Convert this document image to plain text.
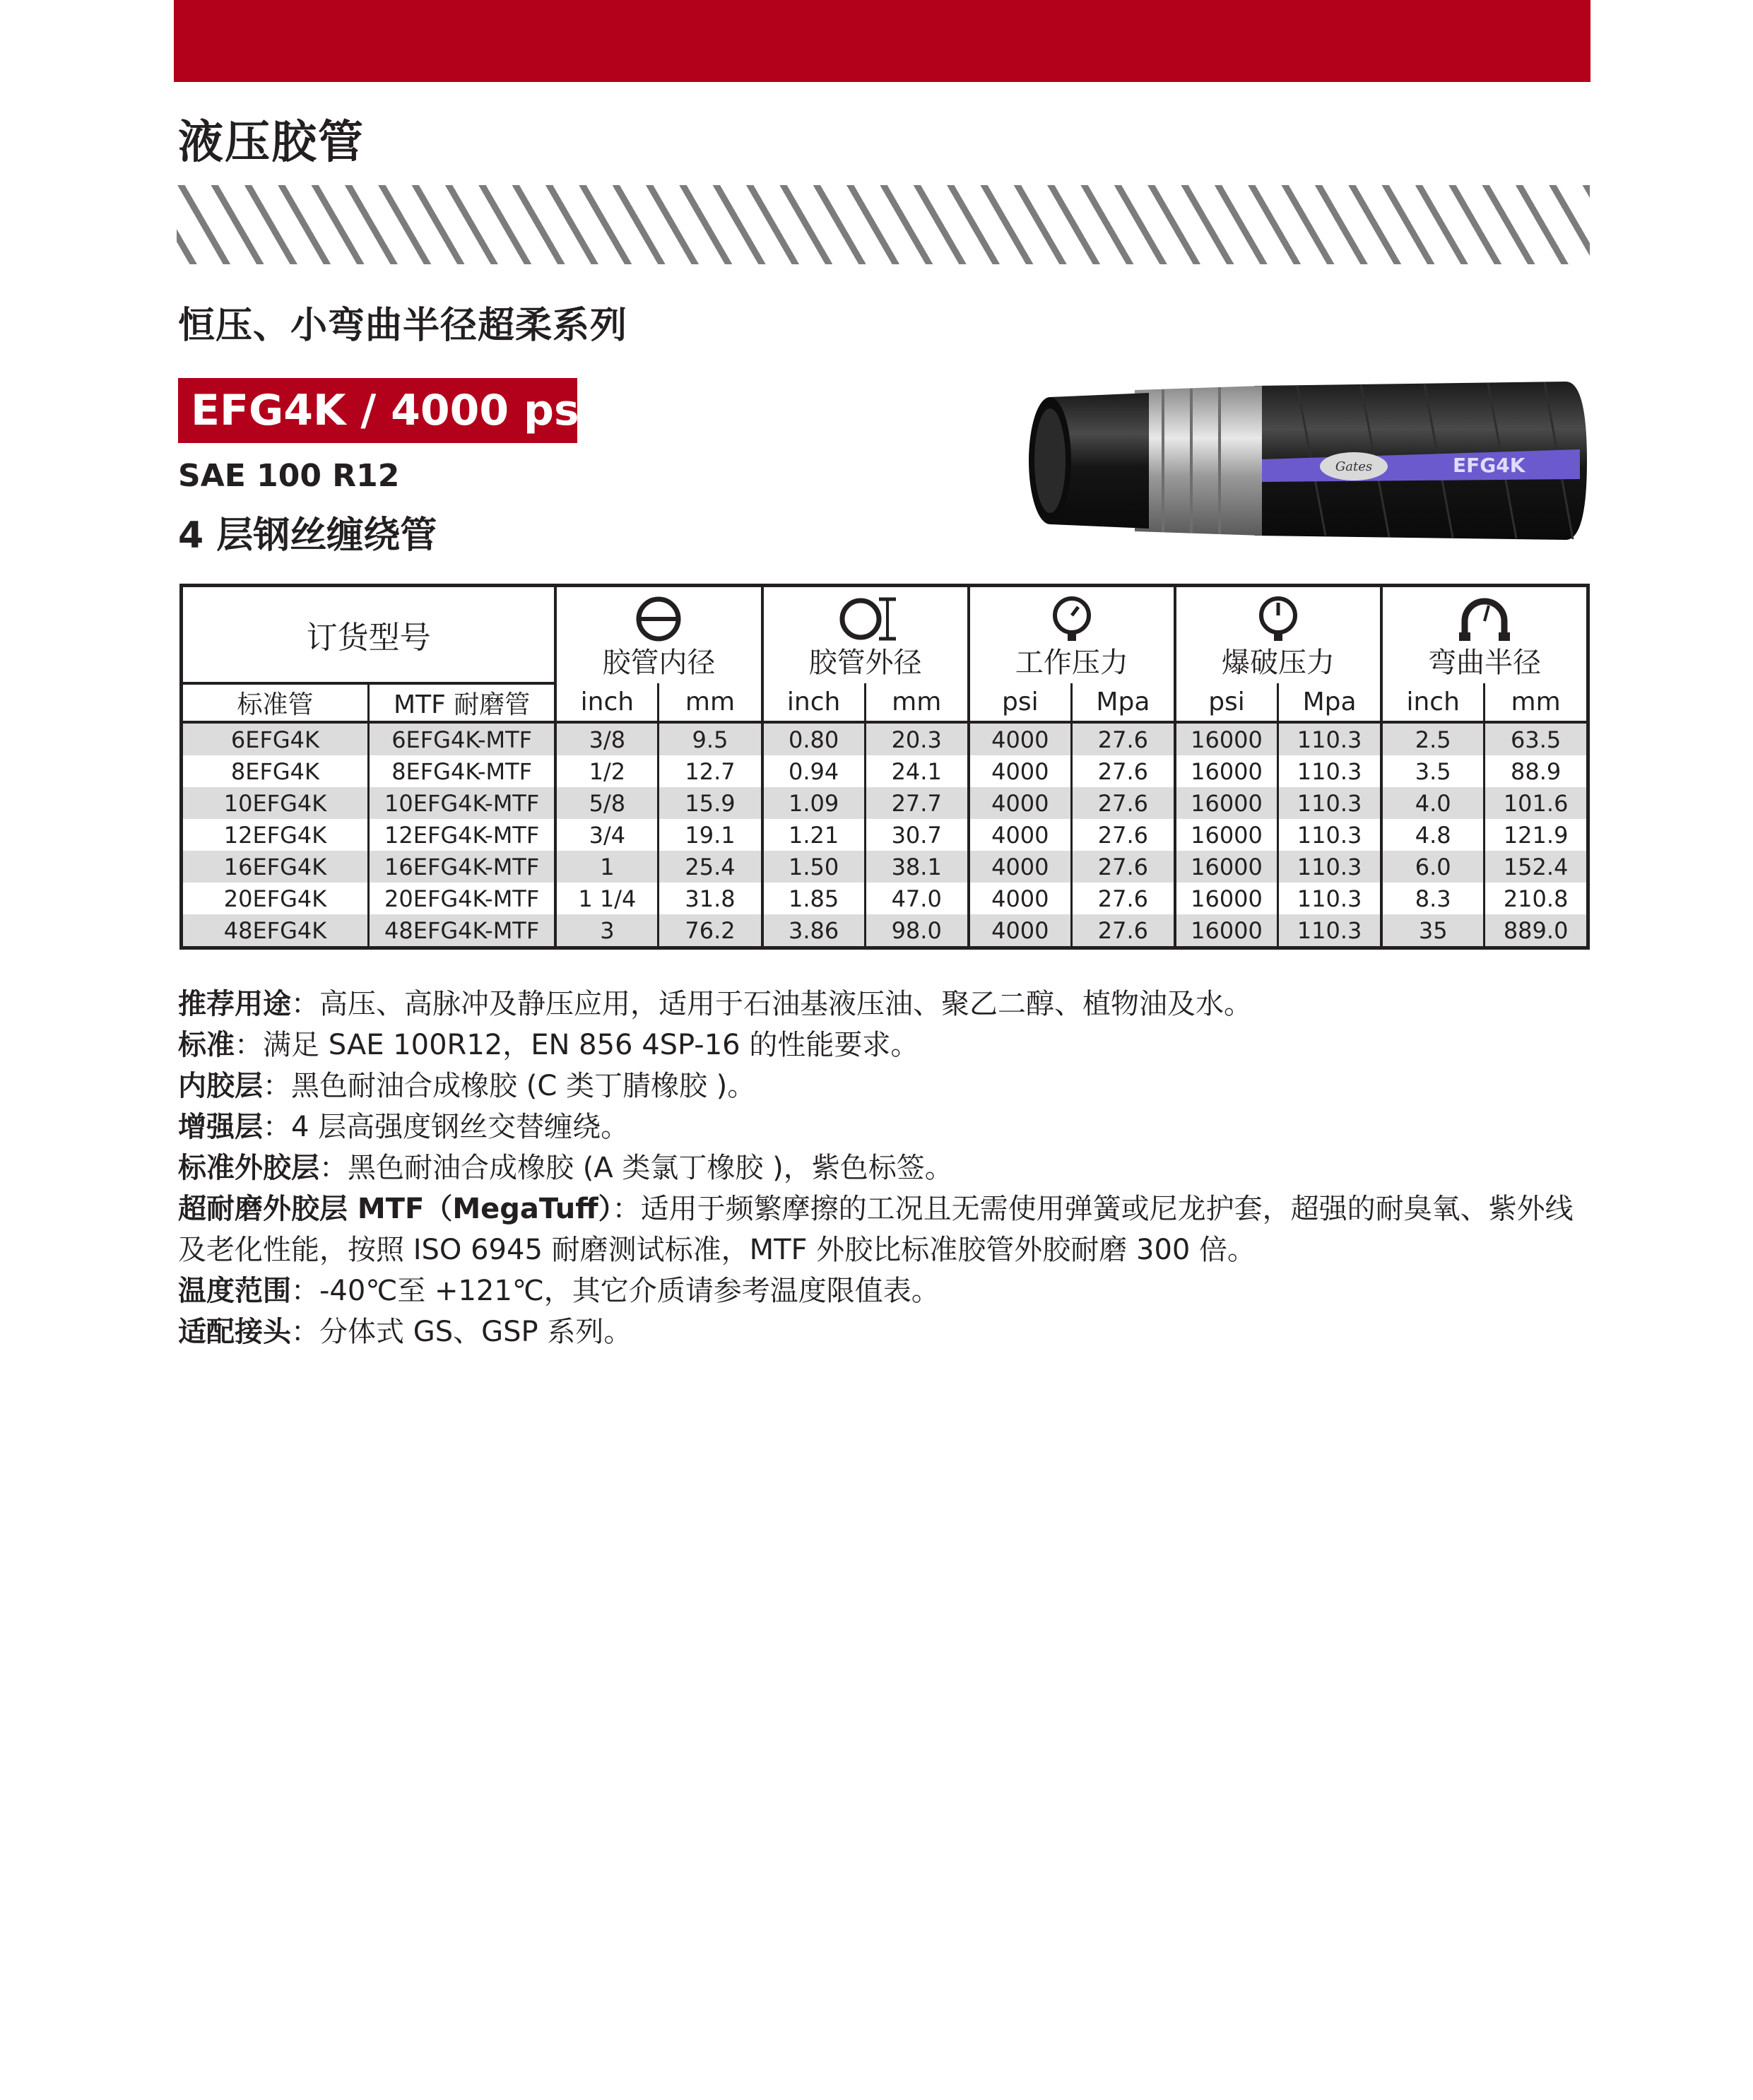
液压胶管
恒压、小弯曲半径超柔系列
EFG4K / 4000 psi
SAE 100 R12
4 层钢丝缠绕管
EFG4K
Gates
订货型号		胶管内径		胶管外径		工作压力		爆破压力		弯曲半径	

标准管	MTF 耐磨管	inch	mm	inch	mm	psi	Mpa	psi	Mpa	inch	mm
6EFG4K	6EFG4K-MTF	3/8	9.5	0.80	20.3	4000	27.6	16000	110.3	2.5	63.5
8EFG4K	8EFG4K-MTF	1/2	12.7	0.94	24.1	4000	27.6	16000	110.3	3.5	88.9
10EFG4K	10EFG4K-MTF	5/8	15.9	1.09	27.7	4000	27.6	16000	110.3	4.0	101.6
12EFG4K	12EFG4K-MTF	3/4	19.1	1.21	30.7	4000	27.6	16000	110.3	4.8	121.9
16EFG4K	16EFG4K-MTF	1	25.4	1.50	38.1	4000	27.6	16000	110.3	6.0	152.4
20EFG4K	20EFG4K-MTF	1 1/4	31.8	1.85	47.0	4000	27.6	16000	110.3	8.3	210.8
48EFG4K	48EFG4K-MTF	3	76.2	3.86	98.0	4000	27.6	16000	110.3	35	889.0

推荐用途：高压、高脉冲及静压应用，适用于石油基液压油、聚乙二醇、植物油及水。

标准：满足 SAE 100R12，EN 856 4SP-16 的性能要求。

内胶层：黑色耐油合成橡胶 (C 类丁腈橡胶 )。

增强层：4 层高强度钢丝交替缠绕。

标准外胶层：黑色耐油合成橡胶 (A 类氯丁橡胶 )，紫色标签。

超耐磨外胶层 MTF（MegaTuff）：适用于频繁摩擦的工况且无需使用弹簧或尼龙护套，超强的耐臭氧、紫外线及老化性能，按照 ISO 6945 耐磨测试标准，MTF 外胶比标准胶管外胶耐磨 300 倍。

温度范围：-40℃至 +121℃，其它介质请参考温度限值表。

适配接头：分体式 GS、GSP 系列。
